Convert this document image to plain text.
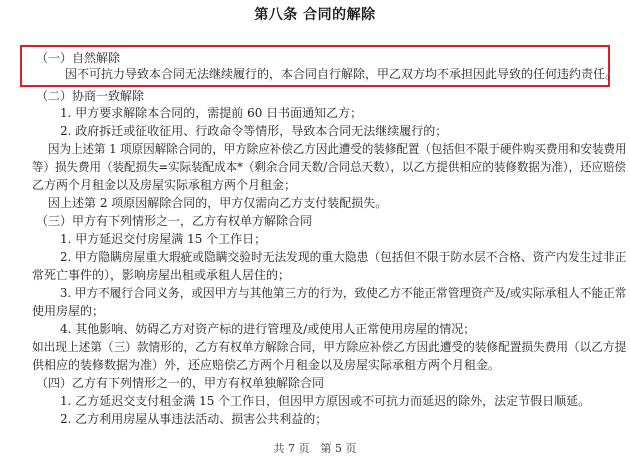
第八条 合同的解除
（一）自然解除
因不可抗力导致本合同无法继续履行的，本合同自行解除，甲乙双方均不承担因此导致的任何违约责任。
（二）协商一致解除
1. 甲方要求解除本合同的，需提前 60 日书面通知乙方；
2. 政府拆迁或征收征用、行政命令等情形，导致本合同无法继续履行的；
因为上述第 1 项原因解除合同的，甲方除应补偿乙方因此遭受的装修配置（包括但不限于硬件购买费用和安装费用
等）损失费用（装配损失=实际装配成本*（剩余合同天数/合同总天数），以乙方提供相应的装修数据为准），还应赔偿
乙方两个月租金以及房屋实际承租方两个月租金；
因上述第 2 项原因解除合同的，甲方仅需向乙方支付装配损失。
（三）甲方有下列情形之一，乙方有权单方解除合同
1. 甲方延迟交付房屋满 15 个工作日；
2. 甲方隐瞒房屋重大瑕疵或隐瞒交验时无法发现的重大隐患（包括但不限于防水层不合格、资产内发生过非正
常死亡事件的），影响房屋出租或承租人居住的；
3. 甲方不履行合同义务，或因甲方与其他第三方的行为，致使乙方不能正常管理资产及/或实际承租人不能正常
使用房屋的；
4. 其他影响、妨碍乙方对资产标的进行管理及/或使用人正常使用房屋的情况；
如出现上述第（三）款情形的，乙方有权单方解除合同，甲方除应补偿乙方因此遭受的装修配置损失费用（以乙方提
供相应的装修数据为准）外，还应赔偿乙方两个月租金以及房屋实际承租方两个月租金。
（四）乙方有下列情形之一的，甲方有权单独解除合同
1. 乙方延迟交支付租金满 15 个工作日，但因甲方原因或不可抗力而延迟的除外，法定节假日顺延。
2. 乙方利用房屋从事违法活动、损害公共利益的；
共 7 页　第 5 页
